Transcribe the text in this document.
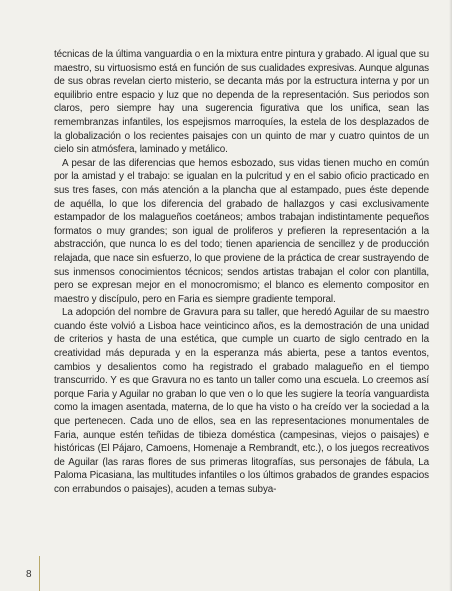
técnicas de la última vanguardia o en la mixtura entre pintura y grabado. Al igual que su maestro, su virtuosismo está en función de sus cualidades expresivas. Aunque algunas de sus obras revelan cierto misterio, se decanta más por la estructura interna y por un equilibrio entre espacio y luz que no dependa de la representación. Sus periodos son claros, pero siempre hay una sugerencia figurativa que los unifica, sean las remembranzas infantiles, los espejismos marroquíes, la estela de los desplazados de la globalización o los recientes paisajes con un quinto de mar y cuatro quintos de un cielo sin atmósfera, laminado y metálico.

A pesar de las diferencias que hemos esbozado, sus vidas tienen mucho en común por la amistad y el trabajo: se igualan en la pulcritud y en el sabio oficio practicado en sus tres fases, con más atención a la plancha que al estampado, pues éste depende de aquélla, lo que los diferencia del grabado de hallazgos y casi exclusivamente estampador de los malagueños coetáneos; ambos trabajan indistintamente pequeños formatos o muy grandes; son igual de proliferos y prefieren la representación a la abstracción, que nunca lo es del todo; tienen apariencia de sencillez y de producción relajada, que nace sin esfuerzo, lo que proviene de la práctica de crear sustrayendo de sus inmensos conocimientos técnicos; sendos artistas trabajan el color con plantilla, pero se expresan mejor en el monocromismo; el blanco es elemento compositor en maestro y discípulo, pero en Faria es siempre gradiente temporal.

La adopción del nombre de Gravura para su taller, que heredó Aguilar de su maestro cuando éste volvió a Lisboa hace veinticinco años, es la demostración de una unidad de criterios y hasta de una estética, que cumple un cuarto de siglo centrado en la creatividad más depurada y en la esperanza más abierta, pese a tantos eventos, cambios y desalientos como ha registrado el grabado malagueño en el tiempo transcurrido. Y es que Gravura no es tanto un taller como una escuela. Lo creemos así porque Faria y Aguilar no graban lo que ven o lo que les sugiere la teoría vanguardista como la imagen asentada, materna, de lo que ha visto o ha creído ver la sociedad a la que pertenecen. Cada uno de ellos, sea en las representaciones monumentales de Faria, aunque estén teñidas de tibieza doméstica (campesinas, viejos o paisajes) e históricas (El Pájaro, Camoens, Homenaje a Rembrandt, etc.), o los juegos recreativos de Aguilar (las raras flores de sus primeras litografías, sus personajes de fábula, La Paloma Picasiana, las multitudes infantiles o los últimos grabados de grandes espacios con errabundos o paisajes), acuden a temas subya-

8
